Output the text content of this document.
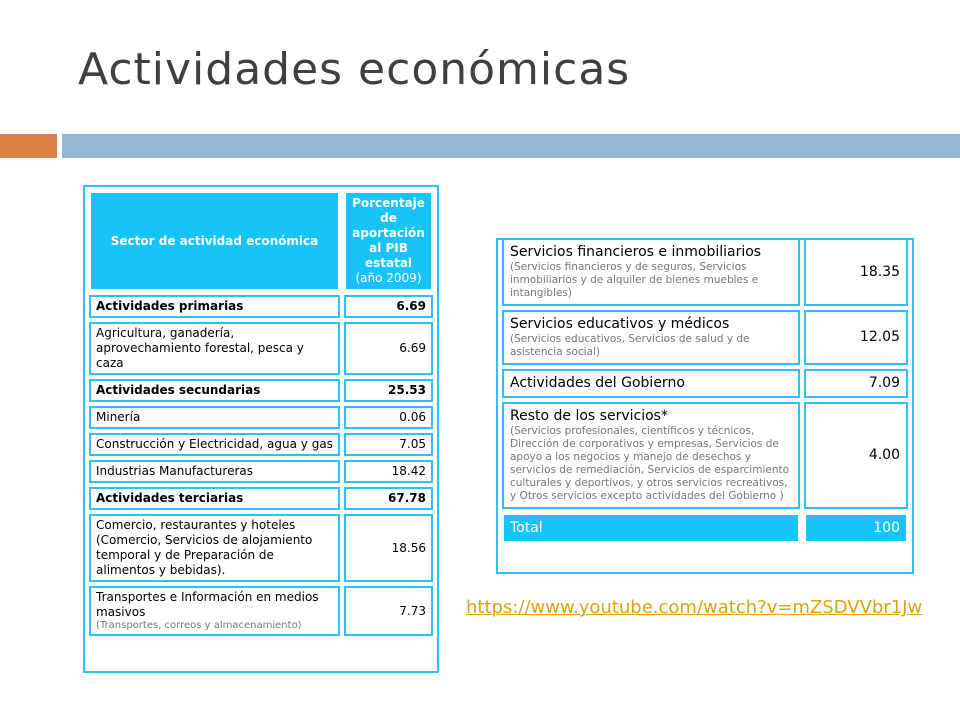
Actividades económicas
Sector de actividad económica	Porcentaje de aportación al PIB estatal
(año 2009)
Actividades primarias	6.69
Agricultura, ganadería, aprovechamiento forestal, pesca y caza	6.69
Actividades secundarias	25.53
Minería	0.06
Construcción y Electricidad, agua y gas	7.05
Industrias Manufactureras	18.42
Actividades terciarias	67.78
Comercio, restaurantes y hoteles (Comercio, Servicios de alojamiento temporal y de Preparación de alimentos y bebidas).	18.56
Transportes e Información en medios masivos
(Transportes, correos y almacenamiento)	7.73
Servicios financieros e inmobiliarios
(Servicios financieros y de seguros, Servicios inmobiliarios y de alquiler de bienes muebles e intangibles)	18.35
Servicios educativos y médicos
(Servicios educativos, Servicios de salud y de asistencia social)	12.05
Actividades del Gobierno	7.09
Resto de los servicios*
(Servicios profesionales, científicos y técnicos, Dirección de corporativos y empresas, Servicios de apoyo a los negocios y manejo de desechos y servicios de remediación, Servicios de esparcimiento culturales y deportivos, y otros servicios recreativos, y Otros servicios excepto actividades del Gobierno )	4.00
Total	100
https://www.youtube.com/watch?v=mZSDVVbr1Jw
